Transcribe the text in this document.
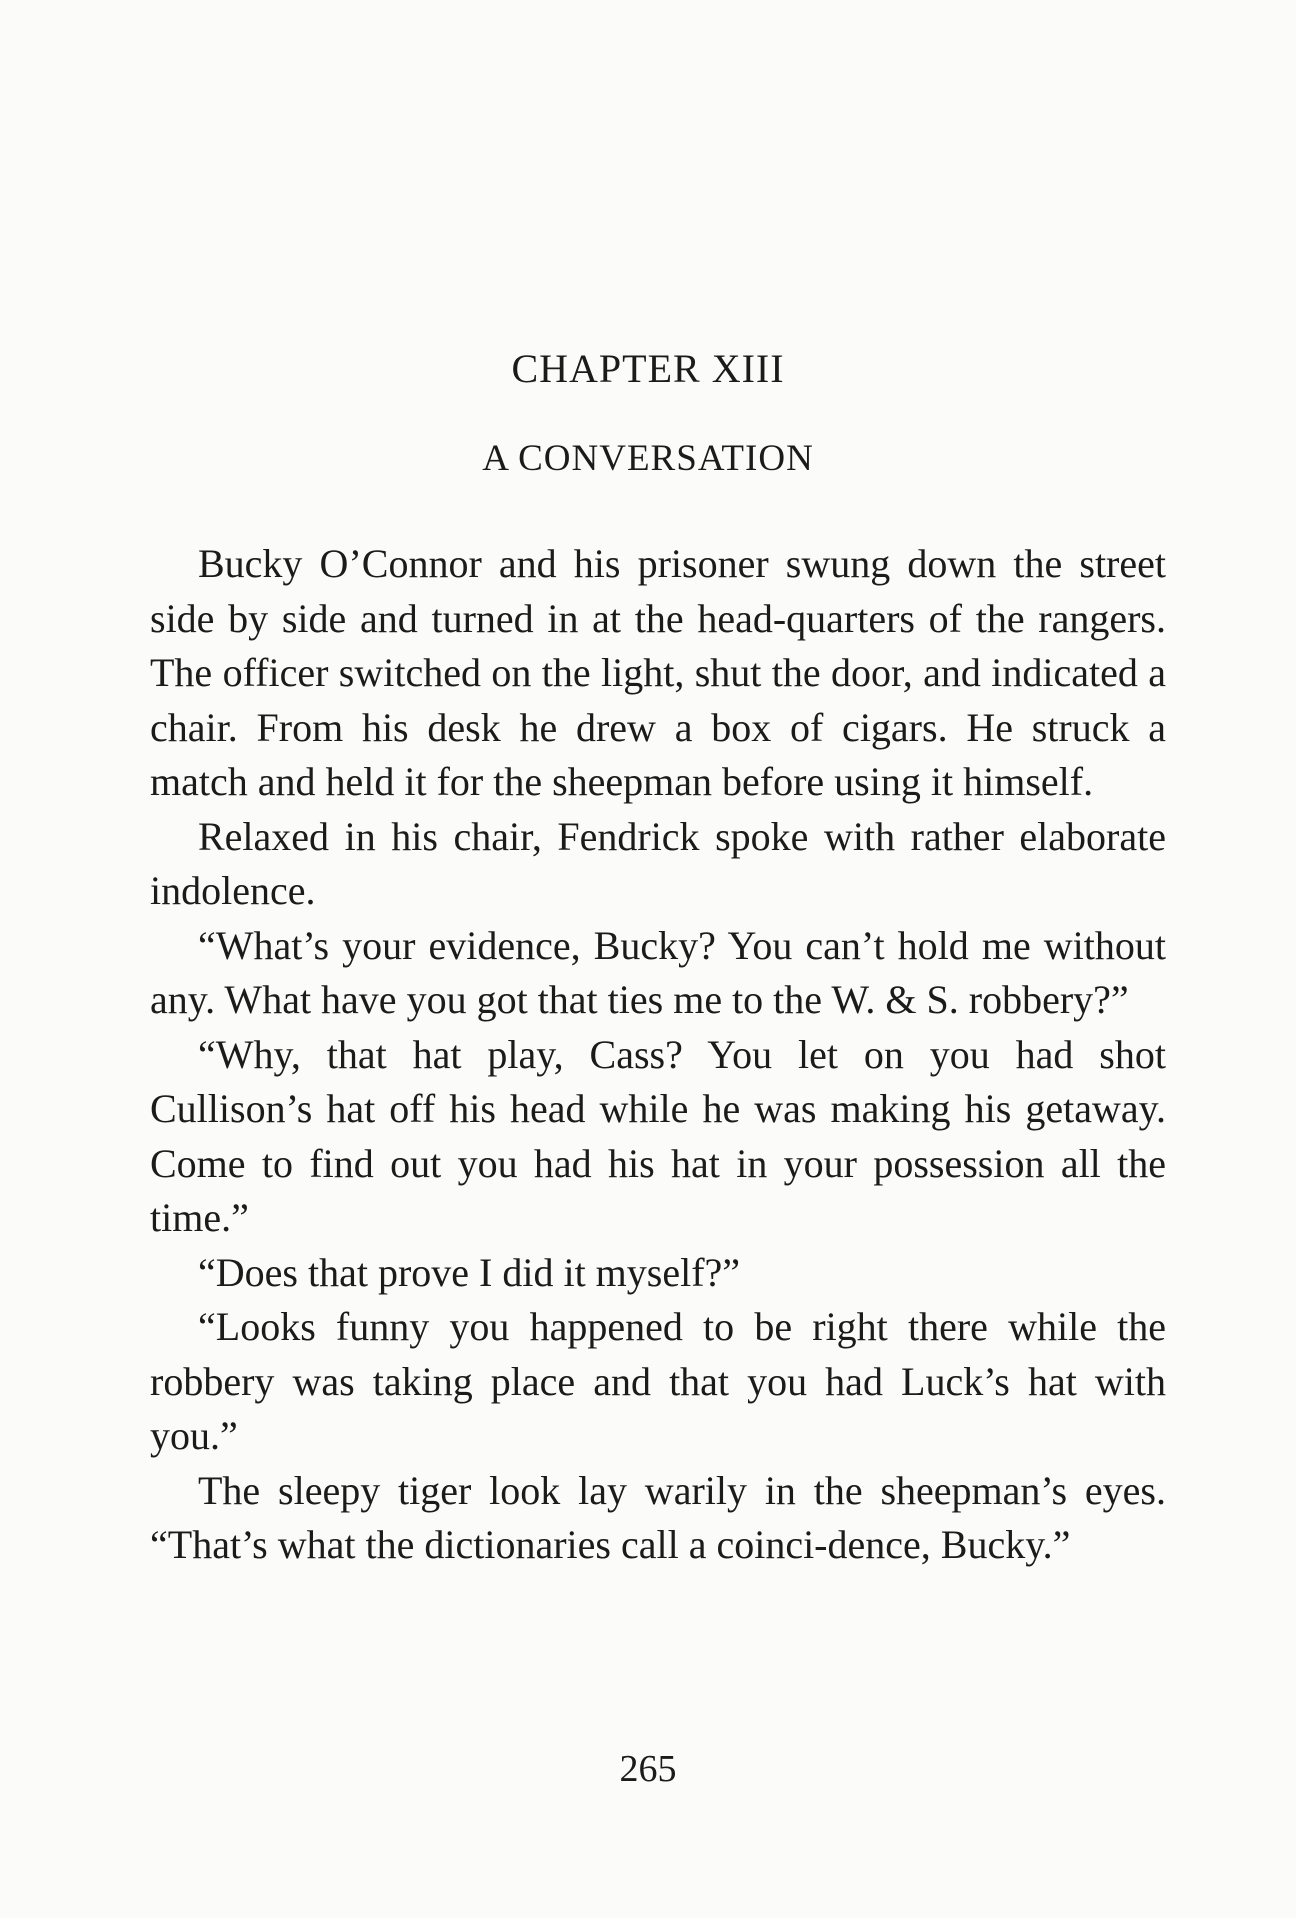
CHAPTER XIII
A CONVERSATION

Bucky O’Connor and his prisoner swung down the street side by side and turned in at the head-quarters of the rangers. The officer switched on the light, shut the door, and indicated a chair. From his desk he drew a box of cigars. He struck a match and held it for the sheepman before using it himself.

Relaxed in his chair, Fendrick spoke with rather elaborate indolence.

“What’s your evidence, Bucky? You can’t hold me without any. What have you got that ties me to the W. & S. robbery?”

“Why, that hat play, Cass? You let on you had shot Cullison’s hat off his head while he was making his getaway. Come to find out you had his hat in your possession all the time.”

“Does that prove I did it myself?”

“Looks funny you happened to be right there while the robbery was taking place and that you had Luck’s hat with you.”

The sleepy tiger look lay warily in the sheepman’s eyes. “That’s what the dictionaries call a coinci-dence, Bucky.”

265
